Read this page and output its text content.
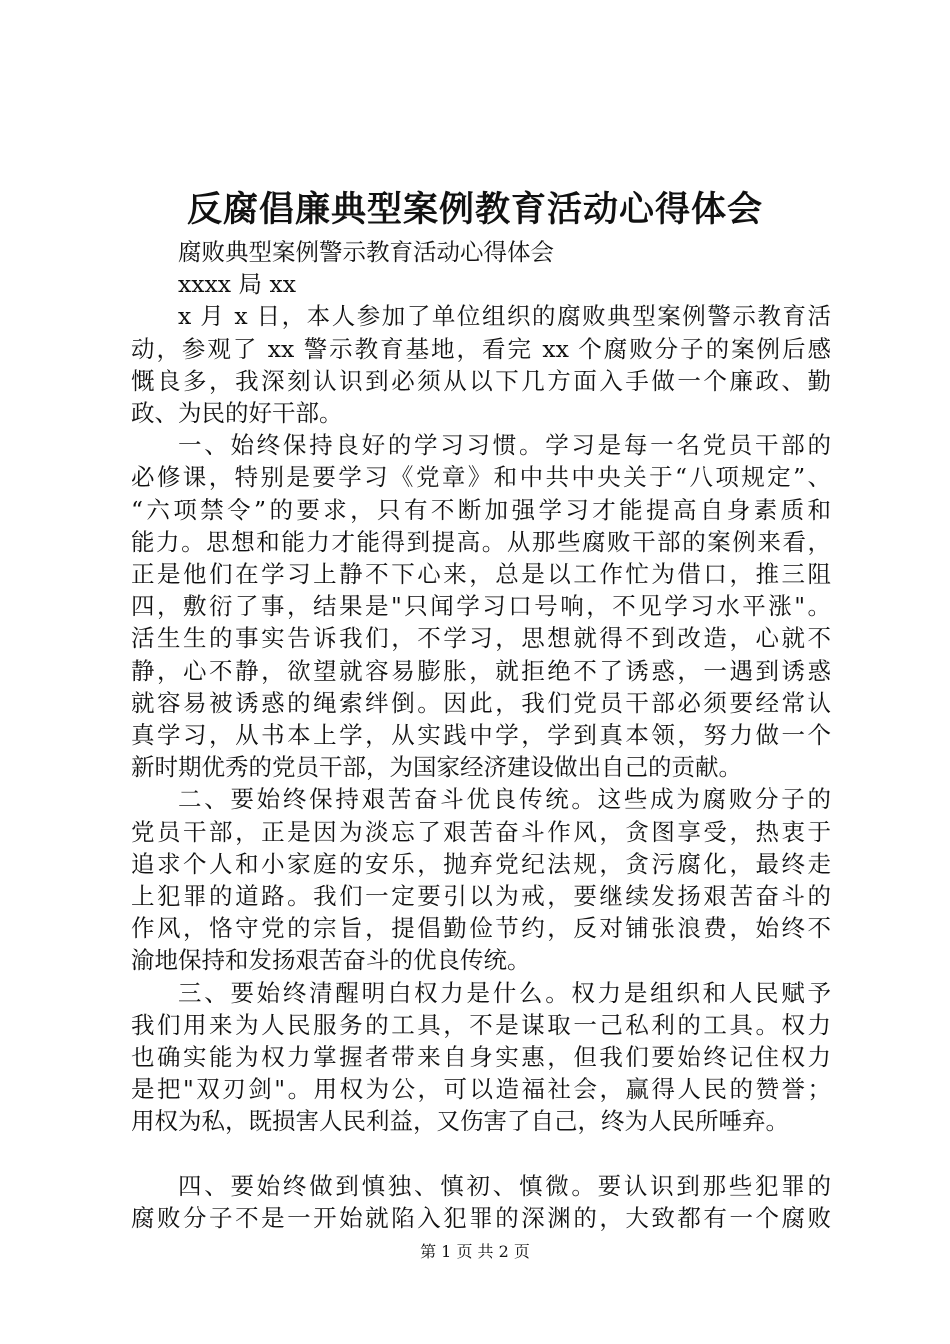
反腐倡廉典型案例教育活动心得体会
腐败典型案例警示教育活动心得体会
xxxx 局 xx
x 月 x 日，本人参加了单位组织的腐败典型案例警示教育活
动，参观了 xx 警示教育基地，看完 xx 个腐败分子的案例后感
慨良多，我深刻认识到必须从以下几方面入手做一个廉政、勤
政、为民的好干部。
一、始终保持良好的学习习惯。学习是每一名党员干部的
必修课，特别是要学习《党章》和中共中央关于“八项规定”、
“六项禁令”的要求，只有不断加强学习才能提高自身素质和
能力。思想和能力才能得到提高。从那些腐败干部的案例来看，
正是他们在学习上静不下心来，总是以工作忙为借口，推三阻
四，敷衍了事，结果是"只闻学习口号响，不见学习水平涨"。
活生生的事实告诉我们，不学习，思想就得不到改造，心就不
静，心不静，欲望就容易膨胀，就拒绝不了诱惑，一遇到诱惑
就容易被诱惑的绳索绊倒。因此，我们党员干部必须要经常认
真学习，从书本上学，从实践中学，学到真本领，努力做一个
新时期优秀的党员干部，为国家经济建设做出自己的贡献。
二、要始终保持艰苦奋斗优良传统。这些成为腐败分子的
党员干部，正是因为淡忘了艰苦奋斗作风，贪图享受，热衷于
追求个人和小家庭的安乐，抛弃党纪法规，贪污腐化，最终走
上犯罪的道路。我们一定要引以为戒，要继续发扬艰苦奋斗的
作风，恪守党的宗旨，提倡勤俭节约，反对铺张浪费，始终不
渝地保持和发扬艰苦奋斗的优良传统。
三、要始终清醒明白权力是什么。权力是组织和人民赋予
我们用来为人民服务的工具，不是谋取一己私利的工具。权力
也确实能为权力掌握者带来自身实惠，但我们要始终记住权力
是把"双刃剑"。用权为公，可以造福社会，赢得人民的赞誉；
用权为私，既损害人民利益，又伤害了自己，终为人民所唾弃。
四、要始终做到慎独、慎初、慎微。要认识到那些犯罪的
腐败分子不是一开始就陷入犯罪的深渊的，大致都有一个腐败
第 1 页 共 2 页
